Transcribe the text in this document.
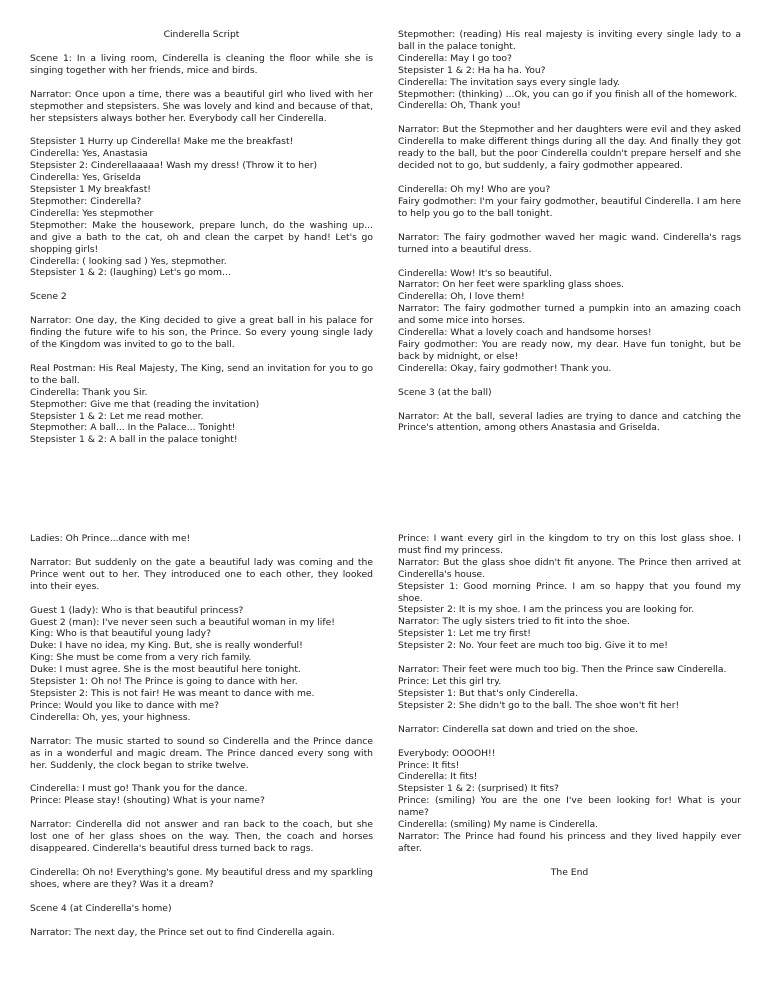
Cinderella Script
Scene 1: In a living room, Cinderella is cleaning the floor while she is singing together with her friends, mice and birds.
Narrator: Once upon a time, there was a beautiful girl who lived with her stepmother and stepsisters. She was lovely and kind and because of that, her stepsisters always bother her. Everybody call her Cinderella.
Stepsister 1 Hurry up Cinderella! Make me the breakfast!
Cinderella: Yes, Anastasia
Stepsister 2: Cinderellaaaaa! Wash my dress! (Throw it to her)
Cinderella: Yes, Griselda
Stepsister 1 My breakfast!
Stepmother: Cinderella?
Cinderella: Yes stepmother
Stepmother: Make the housework, prepare lunch, do the washing up... and give a bath to the cat, oh and clean the carpet by hand! Let's go shopping girls!
Cinderella: ( looking sad ) Yes, stepmother.
Stepsister 1 & 2: (laughing) Let's go mom...
Scene 2
Narrator: One day, the King decided to give a great ball in his palace for finding the future wife to his son, the Prince. So every young single lady of the Kingdom was invited to go to the ball.
Real Postman: His Real Majesty, The King, send an invitation for you to go to the ball.
Cinderella: Thank you Sir.
Stepmother: Give me that (reading the invitation)
Stepsister 1 & 2: Let me read mother.
Stepmother: A ball... In the Palace... Tonight!
Stepsister 1 & 2: A ball in the palace tonight!
Stepmother: (reading) His real majesty is inviting every single lady to a ball in the palace tonight.
Cinderella: May I go too?
Stepsister 1 & 2: Ha ha ha. You?
Cinderella: The invitation says every single lady.
Stepmother: (thinking) ...Ok, you can go if you finish all of the homework.
Cinderella: Oh, Thank you!
Narrator: But the Stepmother and her daughters were evil and they asked Cinderella to make different things during all the day. And finally they got ready to the ball, but the poor Cinderella couldn't prepare herself and she decided not to go, but suddenly, a fairy godmother appeared.
Cinderella: Oh my! Who are you?
Fairy godmother: I'm your fairy godmother, beautiful Cinderella. I am here to help you go to the ball tonight.
Narrator: The fairy godmother waved her magic wand. Cinderella's rags turned into a beautiful dress.
Cinderella: Wow! It's so beautiful.
Narrator: On her feet were sparkling glass shoes.
Cinderella: Oh, I love them!
Narrator: The fairy godmother turned a pumpkin into an amazing coach and some mice into horses.
Cinderella: What a lovely coach and handsome horses!
Fairy godmother: You are ready now, my dear. Have fun tonight, but be back by midnight, or else!
Cinderella: Okay, fairy godmother! Thank you.
Scene 3 (at the ball)
Narrator: At the ball, several ladies are trying to dance and catching the Prince's attention, among others Anastasia and Griselda.
Ladies: Oh Prince...dance with me!
Narrator: But suddenly on the gate a beautiful lady was coming and the Prince went out to her. They introduced one to each other, they looked into their eyes.
Guest 1 (lady): Who is that beautiful princess?
Guest 2 (man): I've never seen such a beautiful woman in my life!
King: Who is that beautiful young lady?
Duke: I have no idea, my King. But, she is really wonderful!
King: She must be come from a very rich family.
Duke: I must agree. She is the most beautiful here tonight.
Stepsister 1: Oh no! The Prince is going to dance with her.
Stepsister 2: This is not fair! He was meant to dance with me.
Prince: Would you like to dance with me?
Cinderella: Oh, yes, your highness.
Narrator: The music started to sound so Cinderella and the Prince dance as in a wonderful and magic dream. The Prince danced every song with her. Suddenly, the clock began to strike twelve.
Cinderella: I must go! Thank you for the dance.
Prince: Please stay! (shouting) What is your name?
Narrator: Cinderella did not answer and ran back to the coach, but she lost one of her glass shoes on the way. Then, the coach and horses disappeared. Cinderella's beautiful dress turned back to rags.
Cinderella: Oh no! Everything's gone. My beautiful dress and my sparkling shoes, where are they? Was it a dream?
Scene 4 (at Cinderella's home)
Narrator: The next day, the Prince set out to find Cinderella again.
Prince: I want every girl in the kingdom to try on this lost glass shoe. I must find my princess.
Narrator: But the glass shoe didn't fit anyone. The Prince then arrived at Cinderella's house.
Stepsister 1: Good morning Prince. I am so happy that you found my shoe.
Stepsister 2: It is my shoe. I am the princess you are looking for.
Narrator: The ugly sisters tried to fit into the shoe.
Stepsister 1: Let me try first!
Stepsister 2: No. Your feet are much too big. Give it to me!
Narrator: Their feet were much too big. Then the Prince saw Cinderella.
Prince: Let this girl try.
Stepsister 1: But that's only Cinderella.
Stepsister 2: She didn't go to the ball. The shoe won't fit her!
Narrator: Cinderella sat down and tried on the shoe.
Everybody: OOOOH!!
Prince: It fits!
Cinderella: It fits!
Stepsister 1 & 2: (surprised) It fits?
Prince: (smiling) You are the one I've been looking for! What is your name?
Cinderella: (smiling) My name is Cinderella.
Narrator: The Prince had found his princess and they lived happily ever after.
The End
